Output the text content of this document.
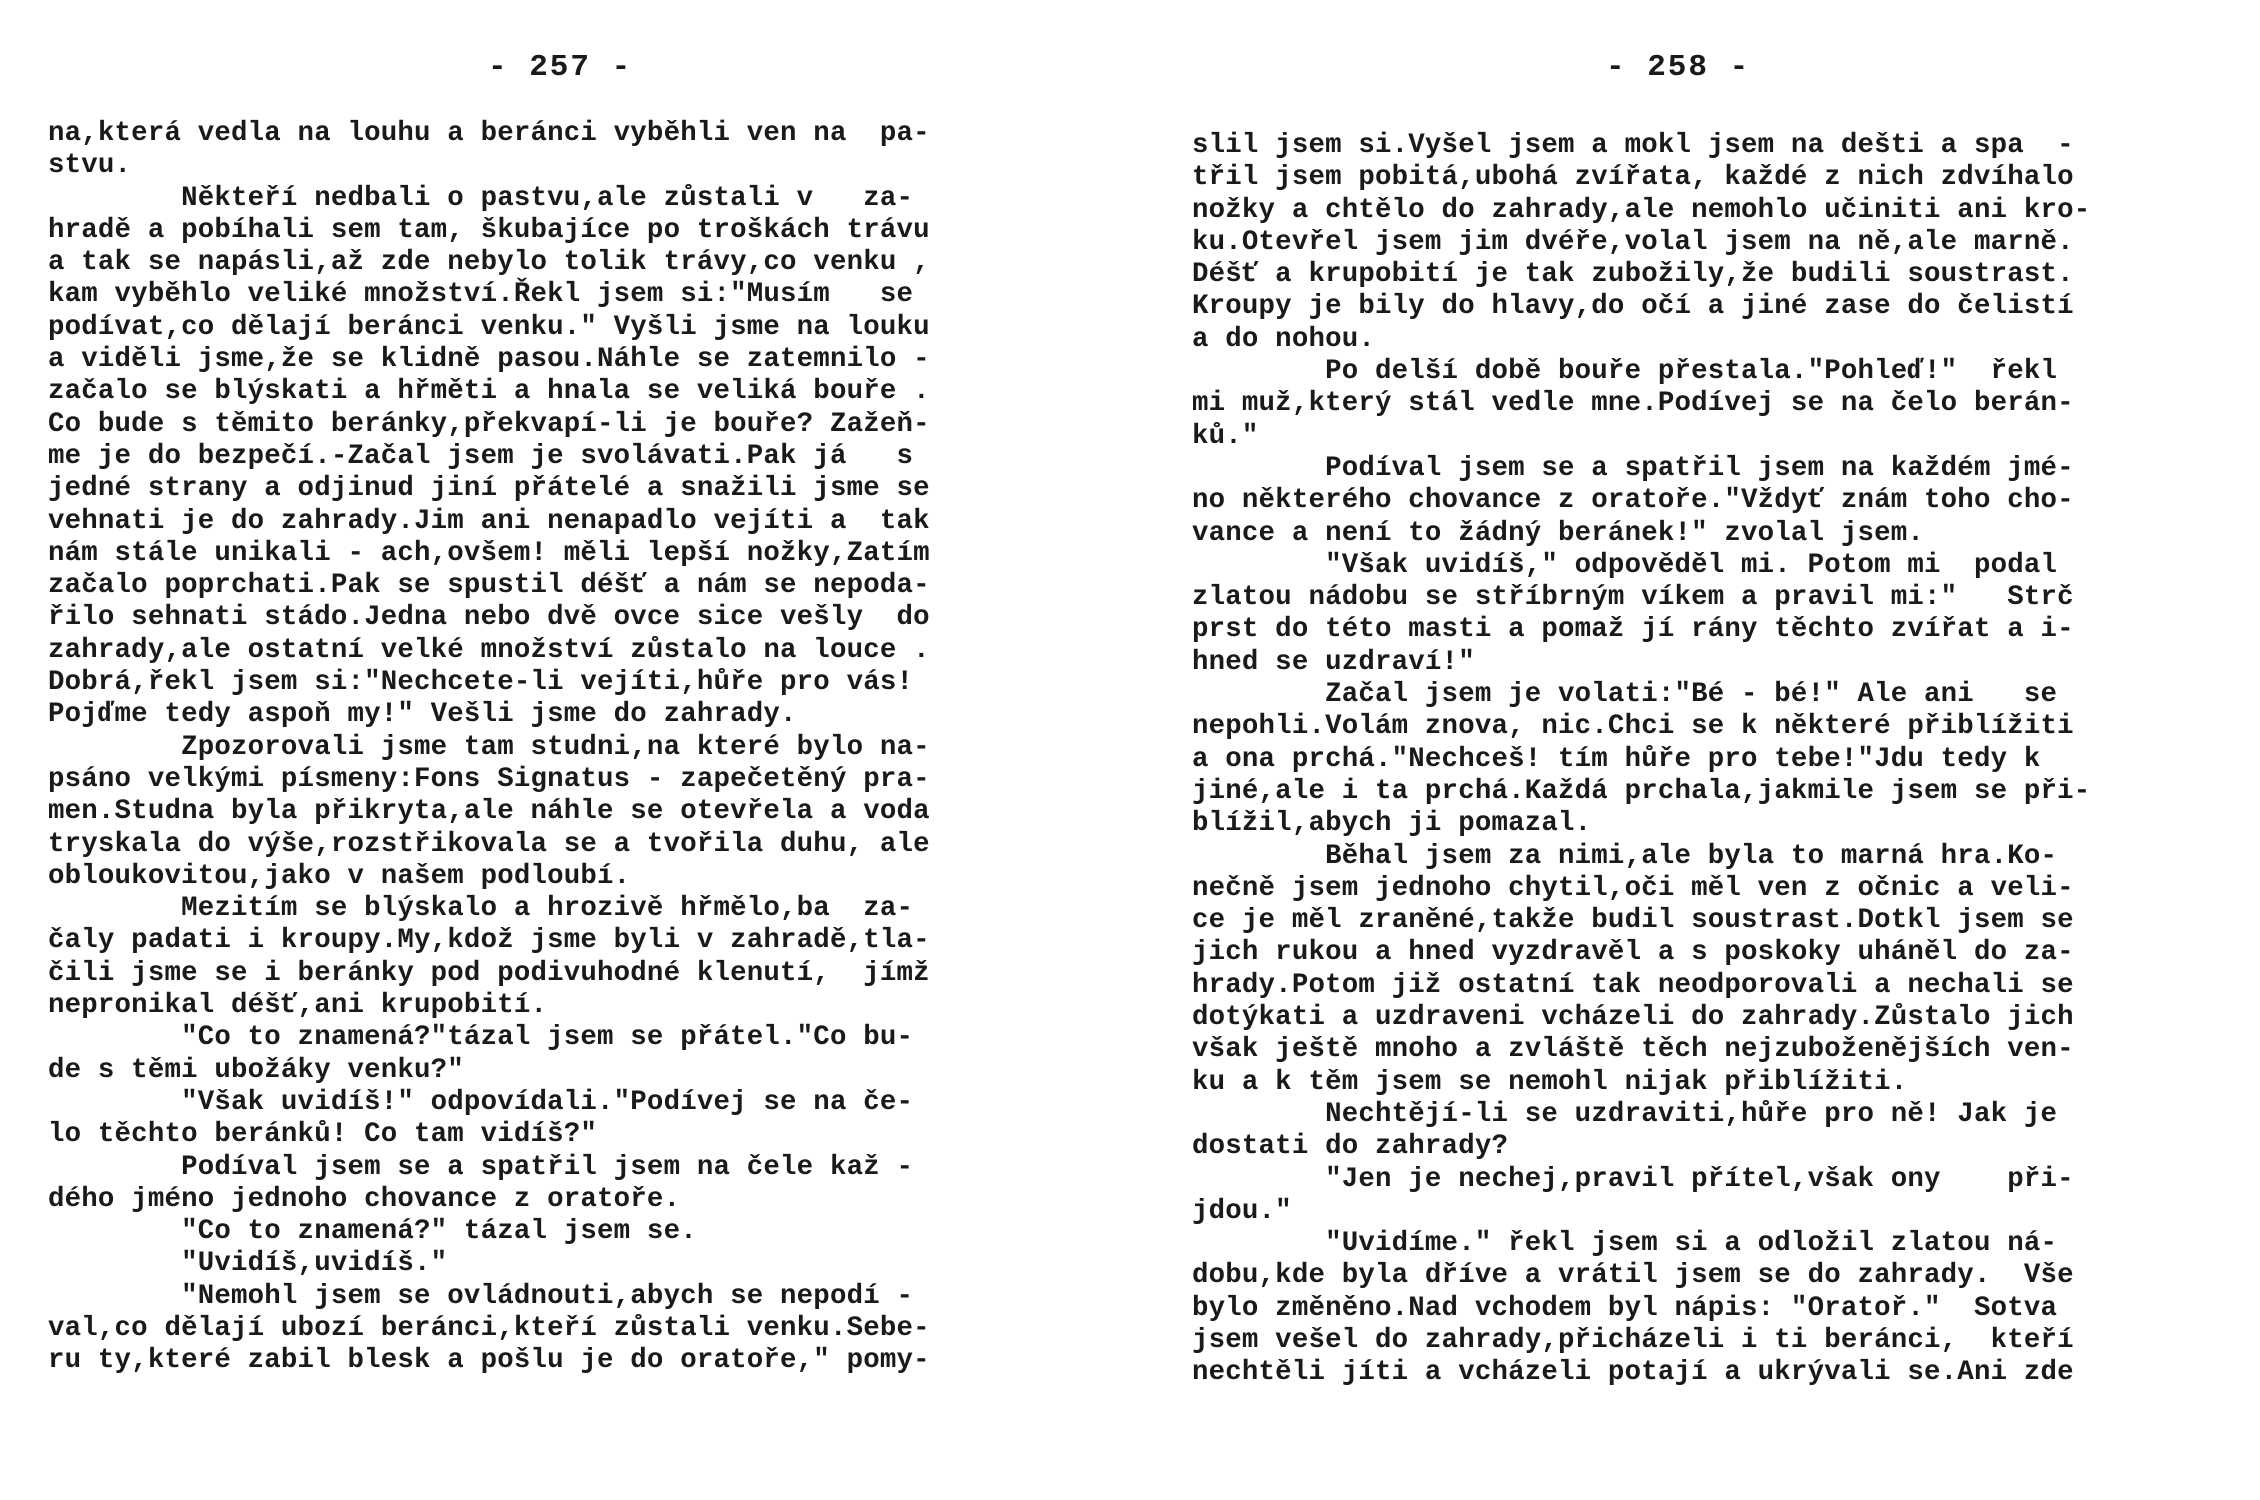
- 257 -
na,která vedla na louhu a beránci vyběhli ven na  pa-
stvu.
Někteří nedbali o pastvu,ale zůstali v   za-
hradě a pobíhali sem tam, škubajíce po troškách trávu
a tak se napásli,až zde nebylo tolik trávy,co venku ,
kam vyběhlo veliké množství.Řekl jsem si:"Musím   se
podívat,co dělají beránci venku." Vyšli jsme na louku
a viděli jsme,že se klidně pasou.Náhle se zatemnilo -
začalo se blýskati a hřměti a hnala se veliká bouře .
Co bude s těmito beránky,překvapí-li je bouře? Zažeň-
me je do bezpečí.-Začal jsem je svolávati.Pak já   s
jedné strany a odjinud jiní přátelé a snažili jsme se
vehnati je do zahrady.Jim ani nenapadlo vejíti a  tak
nám stále unikali - ach,ovšem! měli lepší nožky,Zatím
začalo poprchati.Pak se spustil déšť a nám se nepoda-
řilo sehnati stádo.Jedna nebo dvě ovce sice vešly  do
zahrady,ale ostatní velké množství zůstalo na louce .
Dobrá,řekl jsem si:"Nechcete-li vejíti,hůře pro vás!
Pojďme tedy aspoň my!" Vešli jsme do zahrady.
Zpozorovali jsme tam studni,na které bylo na-
psáno velkými písmeny:Fons Signatus - zapečetěný pra-
men.Studna byla přikryta,ale náhle se otevřela a voda
tryskala do výše,rozstřikovala se a tvořila duhu, ale
obloukovitou,jako v našem podloubí.
Mezitím se blýskalo a hrozivě hřmělo,ba  za-
čaly padati i kroupy.My,kdož jsme byli v zahradě,tla-
čili jsme se i beránky pod podivuhodné klenutí,  jímž
nepronikal déšť,ani krupobití.
"Co to znamená?"tázal jsem se přátel."Co bu-
de s těmi ubožáky venku?"
"Však uvidíš!" odpovídali."Podívej se na če-
lo těchto beránků! Co tam vidíš?"
Podíval jsem se a spatřil jsem na čele kaž -
dého jméno jednoho chovance z oratoře.
"Co to znamená?" tázal jsem se.
"Uvidíš,uvidíš."
"Nemohl jsem se ovládnouti,abych se nepodí -
val,co dělají ubozí beránci,kteří zůstali venku.Sebe-
ru ty,které zabil blesk a pošlu je do oratoře," pomy-
- 258 -
slil jsem si.Vyšel jsem a mokl jsem na dešti a spa  -
třil jsem pobitá,ubohá zvířata, každé z nich zdvíhalo
nožky a chtělo do zahrady,ale nemohlo učiniti ani kro-
ku.Otevřel jsem jim dvéře,volal jsem na ně,ale marně.
Déšť a krupobití je tak zubožily,že budili soustrast.
Kroupy je bily do hlavy,do očí a jiné zase do čelistí
a do nohou.
Po delší době bouře přestala."Pohleď!"  řekl
mi muž,který stál vedle mne.Podívej se na čelo berán-
ků."
Podíval jsem se a spatřil jsem na každém jmé-
no některého chovance z oratoře."Vždyť znám toho cho-
vance a není to žádný beránek!" zvolal jsem.
"Však uvidíš," odpověděl mi. Potom mi  podal
zlatou nádobu se stříbrným víkem a pravil mi:"   Strč
prst do této masti a pomaž jí rány těchto zvířat a i-
hned se uzdraví!"
Začal jsem je volati:"Bé - bé!" Ale ani   se
nepohli.Volám znova, nic.Chci se k některé přiblížiti
a ona prchá."Nechceš! tím hůře pro tebe!"Jdu tedy k
jiné,ale i ta prchá.Každá prchala,jakmile jsem se při-
blížil,abych ji pomazal.
Běhal jsem za nimi,ale byla to marná hra.Ko-
nečně jsem jednoho chytil,oči měl ven z očnic a veli-
ce je měl zraněné,takže budil soustrast.Dotkl jsem se
jich rukou a hned vyzdravěl a s poskoky uháněl do za-
hrady.Potom již ostatní tak neodporovali a nechali se
dotýkati a uzdraveni vcházeli do zahrady.Zůstalo jich
však ještě mnoho a zvláště těch nejzuboženějších ven-
ku a k těm jsem se nemohl nijak přiblížiti.
Nechtějí-li se uzdraviti,hůře pro ně! Jak je
dostati do zahrady?
"Jen je nechej,pravil přítel,však ony    při-
jdou."
"Uvidíme." řekl jsem si a odložil zlatou ná-
dobu,kde byla dříve a vrátil jsem se do zahrady.  Vše
bylo změněno.Nad vchodem byl nápis: "Oratoř."  Sotva
jsem vešel do zahrady,přicházeli i ti beránci,  kteří
nechtěli jíti a vcházeli potají a ukrývali se.Ani zde
